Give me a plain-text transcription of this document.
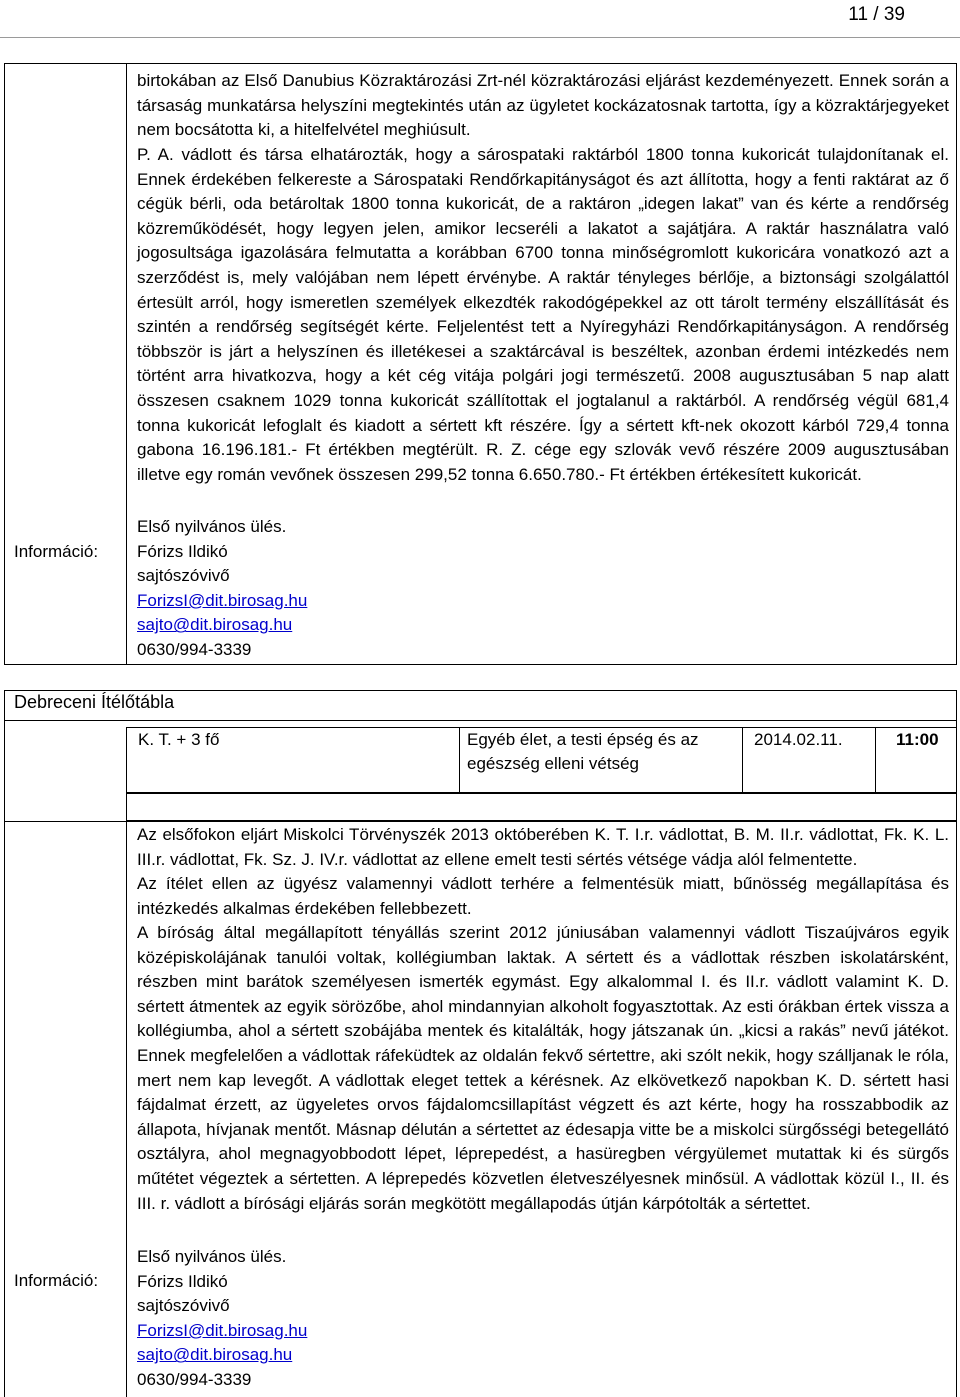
11 / 39

birtokában az Első Danubius Közraktározási Zrt-nél közraktározási eljárást kezdeményezett. Ennek során a társaság munkatársa helyszíni megtekintés után az ügyletet kockázatosnak tartotta, így a közraktárjegyeket nem bocsátotta ki, a hitelfelvétel meghiúsult.

P. A. vádlott és társa elhatározták, hogy a sárospataki raktárból 1800 tonna kukoricát tulajdonítanak el. Ennek érdekében felkereste a Sárospataki Rendőrkapitányságot és azt állította, hogy a fenti raktárat az ő cégük bérli, oda betároltak 1800 tonna kukoricát, de a raktáron „idegen lakat” van és kérte a rendőrség közreműködését, hogy legyen jelen, amikor lecseréli a lakatot a sajátjára. A raktár használatra való jogosultsága igazolására felmutatta a korábban 6700 tonna minőségromlott kukoricára vonatkozó azt a szerződést is, mely valójában nem lépett érvénybe. A raktár tényleges bérlője, a biztonsági szolgálattól értesült arról, hogy ismeretlen személyek elkezdték rakodógépekkel az ott tárolt termény elszállítását és szintén a rendőrség segítségét kérte. Feljelentést tett a Nyíregyházi Rendőrkapitányságon. A rendőrség többször is járt a helyszínen és illetékesei a szaktárcával is beszéltek, azonban érdemi intézkedés nem történt arra hivatkozva, hogy a két cég vitája polgári jogi természetű. 2008 augusztusában 5 nap alatt összesen csaknem 1029 tonna kukoricát szállítottak el jogtalanul a raktárból. A rendőrség végül 681,4 tonna kukoricát lefoglalt és kiadott a sértett kft részére. Így a sértett kft-nek okozott kárból 729,4 tonna gabona 16.196.181.- Ft értékben megtérült. R. Z. cége egy szlovák vevő részére 2009 augusztusában illetve egy román vevőnek összesen 299,52 tonna 6.650.780.- Ft értékben értékesített kukoricát.

Információ:
Első nyilvános ülés.
Fórizs Ildikó
sajtószóvivő
ForizsI@dit.birosag.hu
sajto@dit.birosag.hu
0630/994-3339
Debreceni Ítélőtábla
K. T. + 3 fő	Egyéb élet, a testi épség és az
egészség elleni vétség
2014.02.11.	11:00

Az elsőfokon eljárt Miskolci Törvényszék 2013 októberében K. T. I.r. vádlottat, B. M. II.r. vádlottat, Fk. K. L. III.r. vádlottat, Fk. Sz. J. IV.r. vádlottat az ellene emelt testi sértés vétsége vádja alól felmentette.

Az ítélet ellen az ügyész valamennyi vádlott terhére a felmentésük miatt, bűnösség megállapítása és intézkedés alkalmas érdekében fellebbezett.

A bíróság által megállapított tényállás szerint 2012 júniusában valamennyi vádlott Tiszaújváros egyik középiskolájának tanulói voltak, kollégiumban laktak. A sértett és a vádlottak részben iskolatársként, részben mint barátok személyesen ismerték egymást. Egy alkalommal I. és II.r. vádlott valamint K. D. sértett átmentek az egyik sörözőbe, ahol mindannyian alkoholt fogyasztottak. Az esti órákban értek vissza a kollégiumba, ahol a sértett szobájába mentek és kitalálták, hogy játszanak ún. „kicsi a rakás” nevű játékot. Ennek megfelelően a vádlottak ráfeküdtek az oldalán fekvő sértettre, aki szólt nekik, hogy szálljanak le róla, mert nem kap levegőt. A vádlottak eleget tettek a kérésnek. Az elkövetkező napokban K. D. sértett hasi fájdalmat érzett, az ügyeletes orvos fájdalomcsillapítást végzett és azt kérte, hogy ha rosszabbodik az állapota, hívjanak mentőt. Másnap délután a sértettet az édesapja vitte be a miskolci sürgősségi betegellátó osztályra, ahol megnagyobbodott lépet, léprepedést, a hasüregben vérgyülemet mutattak ki és sürgős műtétet végeztek a sértetten. A léprepedés közvetlen életveszélyesnek minősül. A vádlottak közül I., II. és III. r. vádlott a bírósági eljárás során megkötött megállapodás útján kárpótolták a sértettet.

Információ:
Első nyilvános ülés.
Fórizs Ildikó
sajtószóvivő
ForizsI@dit.birosag.hu
sajto@dit.birosag.hu
0630/994-3339
